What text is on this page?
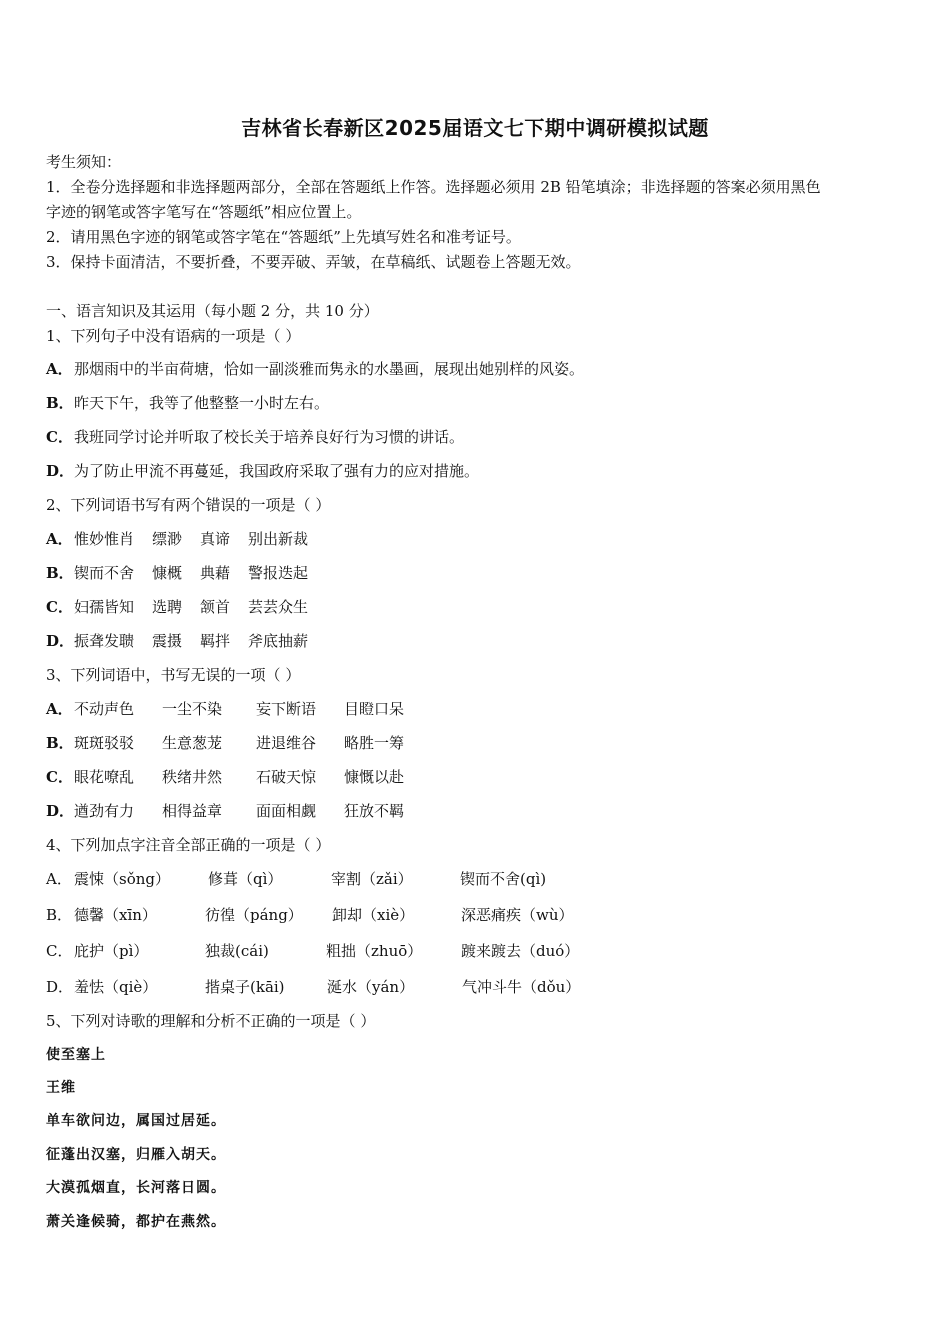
吉林省长春新区2025届语文七下期中调研模拟试题
考生须知：
1．全卷分选择题和非选择题两部分，全部在答题纸上作答。选择题必须用 2B 铅笔填涂；非选择题的答案必须用黑色
字迹的钢笔或答字笔写在“答题纸”相应位置上。
2．请用黑色字迹的钢笔或答字笔在“答题纸”上先填写姓名和准考证号。
3．保持卡面清洁，不要折叠，不要弄破、弄皱，在草稿纸、试题卷上答题无效。
一、语言知识及其运用（每小题 2 分，共 10 分）
1、下列句子中没有语病的一项是（ ）
A．那烟雨中的半亩荷塘，恰如一副淡雅而隽永的水墨画，展现出她别样的风姿。
B．昨天下午，我等了他整整一小时左右。
C．我班同学讨论并听取了校长关于培养良好行为习惯的讲话。
D．为了防止甲流不再蔓延，我国政府采取了强有力的应对措施。
2、下列词语书写有两个错误的一项是（ ）
A．惟妙惟肖 缥渺 真谛 别出新裁
B．锲而不舍 慷概 典藉 警报迭起
C．妇孺皆知 选聘 颔首 芸芸众生
D．振聋发聩 震摄 羁拌 斧底抽薪
3、下列词语中，书写无误的一项（ ）
A．不动声色 一尘不染 妄下断语 目瞪口呆
B．斑斑驳驳 生意葱茏 进退维谷 略胜一筹
C．眼花嘹乱 秩绪井然 石破天惊 慷慨以赴
D．遒劲有力 相得益章 面面相觑 狂放不羁
4、下列加点字注音全部正确的一项是（ ）
A． 震悚（sǒng）	修葺（qì）	宰割（zǎi）	锲而不舍(qì)
B． 德馨（xīn）	彷徨（páng） 卸却（xiè）	深恶痛疾（wù）
C． 庇护（pì）	独裁(cái)	粗拙（zhuō）	踱来踱去（duó）
D． 羞怯（qiè）	揩桌子(kāi)	涎水（yán）	气冲斗牛（dǒu）
5、下列对诗歌的理解和分析不正确的一项是（ ）
使至塞上
王维
单车欲问边，属国过居延。
征蓬出汉塞，归雁入胡天。
大漠孤烟直，长河落日圆。
萧关逢候骑，都护在燕然。
